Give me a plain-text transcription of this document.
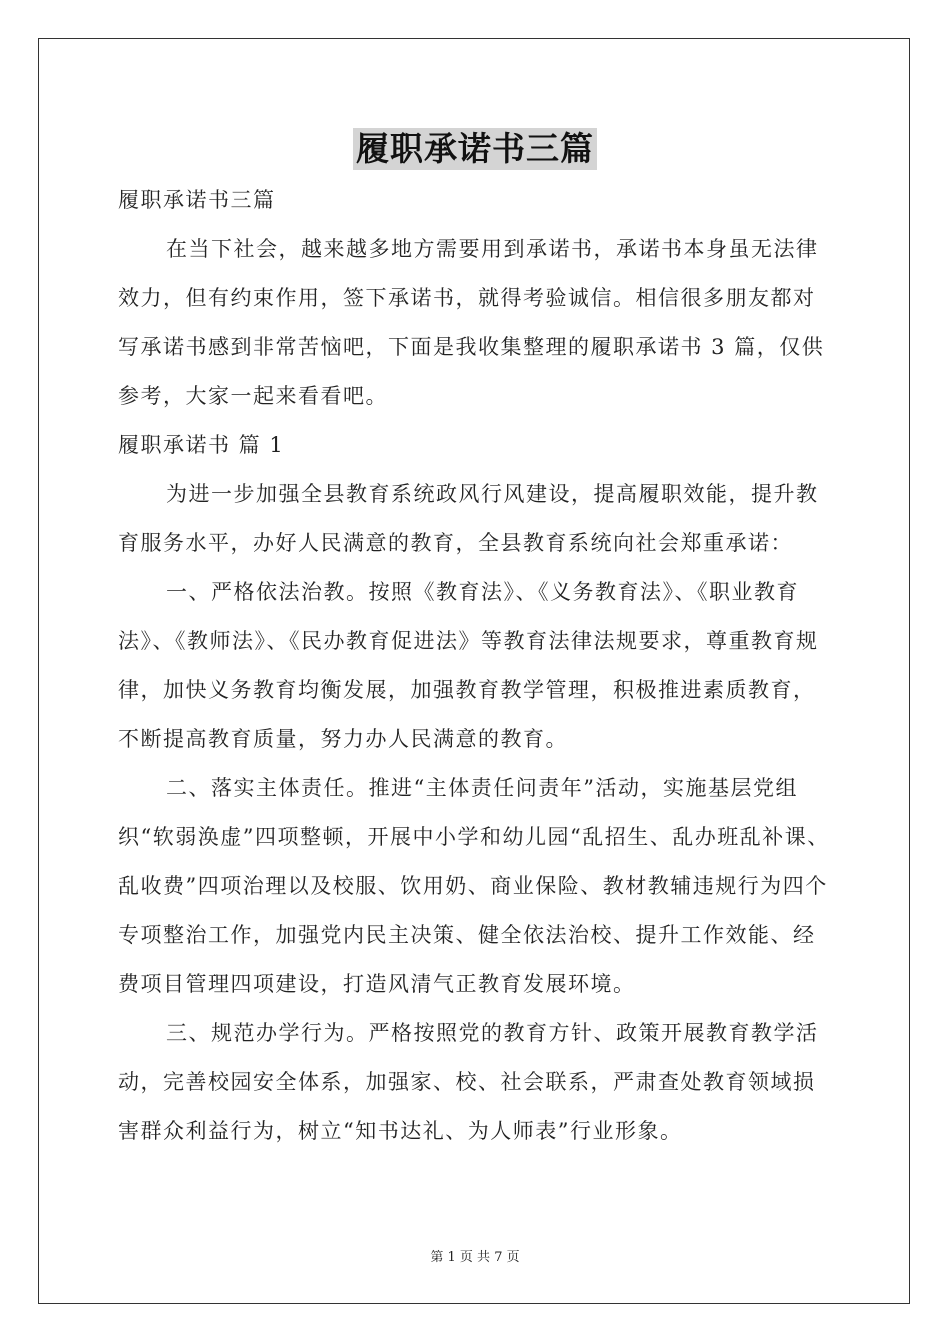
履职承诺书三篇

履职承诺书三篇

在当下社会，越来越多地方需要用到承诺书，承诺书本身虽无法律效力，但有约束作用，签下承诺书，就得考验诚信。相信很多朋友都对写承诺书感到非常苦恼吧，下面是我收集整理的履职承诺书 3 篇，仅供参考，大家一起来看看吧。

履职承诺书 篇 1

为进一步加强全县教育系统政风行风建设，提高履职效能，提升教育服务水平，办好人民满意的教育，全县教育系统向社会郑重承诺：

一、严格依法治教。按照《教育法》、《义务教育法》、《职业教育法》、《教师法》、《民办教育促进法》等教育法律法规要求，尊重教育规律，加快义务教育均衡发展，加强教育教学管理，积极推进素质教育，不断提高教育质量，努力办人民满意的教育。

二、落实主体责任。推进“主体责任问责年”活动，实施基层党组织“软弱涣虚”四项整顿，开展中小学和幼儿园“乱招生、乱办班乱补课、乱收费”四项治理以及校服、饮用奶、商业保险、教材教辅违规行为四个专项整治工作，加强党内民主决策、健全依法治校、提升工作效能、经费项目管理四项建设，打造风清气正教育发展环境。

三、规范办学行为。严格按照党的教育方针、政策开展教育教学活动，完善校园安全体系，加强家、校、社会联系，严肃查处教育领域损害群众利益行为，树立“知书达礼、为人师表”行业形象。

第 1 页 共 7 页
